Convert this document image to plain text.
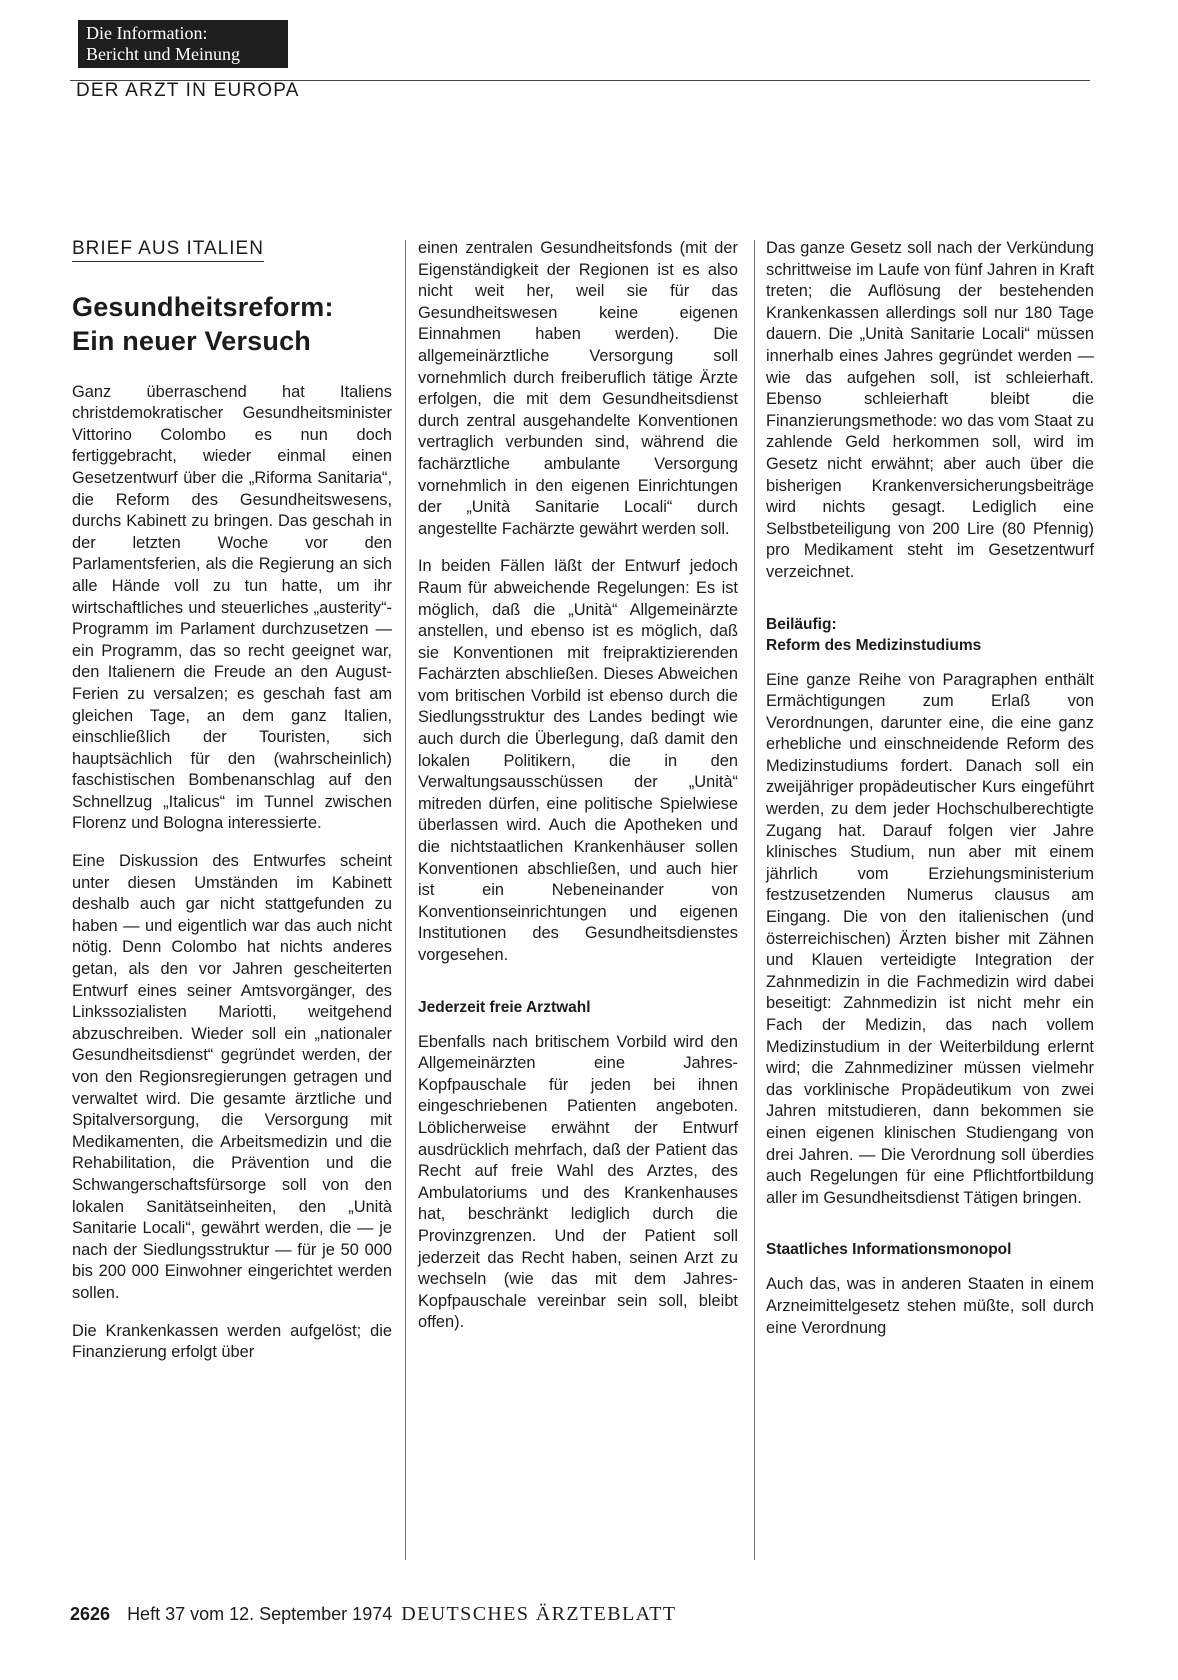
Die Information:
Bericht und Meinung
DER ARZT IN EUROPA
BRIEF AUS ITALIEN
Gesundheitsreform:
Ein neuer Versuch

Ganz überraschend hat Italiens christdemokratischer Gesundheitsminister Vittorino Colombo es nun doch fertiggebracht, wieder einmal einen Gesetzentwurf über die „Riforma Sanitaria“, die Reform des Gesundheitswesens, durchs Kabinett zu bringen. Das geschah in der letzten Woche vor den Parlamentsferien, als die Regierung an sich alle Hände voll zu tun hatte, um ihr wirtschaftliches und steuerliches „austerity“-Programm im Parlament durchzusetzen — ein Programm, das so recht geeignet war, den Italienern die Freude an den August-Ferien zu versalzen; es geschah fast am gleichen Tage, an dem ganz Italien, einschließlich der Touristen, sich hauptsächlich für den (wahrscheinlich) faschistischen Bombenanschlag auf den Schnellzug „Italicus“ im Tunnel zwischen Florenz und Bologna interessierte.

Eine Diskussion des Entwurfes scheint unter diesen Umständen im Kabinett deshalb auch gar nicht stattgefunden zu haben — und eigentlich war das auch nicht nötig. Denn Colombo hat nichts anderes getan, als den vor Jahren gescheiterten Entwurf eines seiner Amtsvorgänger, des Linkssozialisten Mariotti, weitgehend abzuschreiben. Wieder soll ein „nationaler Gesundheitsdienst“ gegründet werden, der von den Regionsregierungen getragen und verwaltet wird. Die gesamte ärztliche und Spitalversorgung, die Versorgung mit Medikamenten, die Arbeitsmedizin und die Rehabilitation, die Prävention und die Schwangerschaftsfürsorge soll von den lokalen Sanitätseinheiten, den „Unità Sanitarie Locali“, gewährt werden, die — je nach der Siedlungsstruktur — für je 50 000 bis 200 000 Einwohner eingerichtet werden sollen.

Die Krankenkassen werden aufgelöst; die Finanzierung erfolgt über

einen zentralen Gesundheitsfonds (mit der Eigenständigkeit der Regionen ist es also nicht weit her, weil sie für das Gesundheitswesen keine eigenen Einnahmen haben werden). Die allgemeinärztliche Versorgung soll vornehmlich durch freiberuflich tätige Ärzte erfolgen, die mit dem Gesundheitsdienst durch zentral ausgehandelte Konventionen vertraglich verbunden sind, während die fachärztliche ambulante Versorgung vornehmlich in den eigenen Einrichtungen der „Unità Sanitarie Locali“ durch angestellte Fachärzte gewährt werden soll.

In beiden Fällen läßt der Entwurf jedoch Raum für abweichende Regelungen: Es ist möglich, daß die „Unità“ Allgemeinärzte anstellen, und ebenso ist es möglich, daß sie Konventionen mit freipraktizierenden Fachärzten abschließen. Dieses Abweichen vom britischen Vorbild ist ebenso durch die Siedlungsstruktur des Landes bedingt wie auch durch die Überlegung, daß damit den lokalen Politikern, die in den Verwaltungsausschüssen der „Unità“ mitreden dürfen, eine politische Spielwiese überlassen wird. Auch die Apotheken und die nichtstaatlichen Krankenhäuser sollen Konventionen abschließen, und auch hier ist ein Nebeneinander von Konventionseinrichtungen und eigenen Institutionen des Gesundheitsdienstes vorgesehen.

Jederzeit freie Arztwahl

Ebenfalls nach britischem Vorbild wird den Allgemeinärzten eine Jahres-Kopfpauschale für jeden bei ihnen eingeschriebenen Patienten angeboten. Löblicherweise erwähnt der Entwurf ausdrücklich mehrfach, daß der Patient das Recht auf freie Wahl des Arztes, des Ambulatoriums und des Krankenhauses hat, beschränkt lediglich durch die Provinzgrenzen. Und der Patient soll jederzeit das Recht haben, seinen Arzt zu wechseln (wie das mit dem Jahres-Kopfpauschale vereinbar sein soll, bleibt offen).

Das ganze Gesetz soll nach der Verkündung schrittweise im Laufe von fünf Jahren in Kraft treten; die Auflösung der bestehenden Krankenkassen allerdings soll nur 180 Tage dauern. Die „Unità Sanitarie Locali“ müssen innerhalb eines Jahres gegründet werden — wie das aufgehen soll, ist schleierhaft. Ebenso schleierhaft bleibt die Finanzierungsmethode: wo das vom Staat zu zahlende Geld herkommen soll, wird im Gesetz nicht erwähnt; aber auch über die bisherigen Krankenversicherungsbeiträge wird nichts gesagt. Lediglich eine Selbstbeteiligung von 200 Lire (80 Pfennig) pro Medikament steht im Gesetzentwurf verzeichnet.

Beiläufig:
Reform des Medizinstudiums

Eine ganze Reihe von Paragraphen enthält Ermächtigungen zum Erlaß von Verordnungen, darunter eine, die eine ganz erhebliche und einschneidende Reform des Medizinstudiums fordert. Danach soll ein zweijähriger propädeutischer Kurs eingeführt werden, zu dem jeder Hochschulberechtigte Zugang hat. Darauf folgen vier Jahre klinisches Studium, nun aber mit einem jährlich vom Erziehungsministerium festzusetzenden Numerus clausus am Eingang. Die von den italienischen (und österreichischen) Ärzten bisher mit Zähnen und Klauen verteidigte Integration der Zahnmedizin in die Fachmedizin wird dabei beseitigt: Zahnmedizin ist nicht mehr ein Fach der Medizin, das nach vollem Medizinstudium in der Weiterbildung erlernt wird; die Zahnmediziner müssen vielmehr das vorklinische Propädeutikum von zwei Jahren mitstudieren, dann bekommen sie einen eigenen klinischen Studiengang von drei Jahren. — Die Verordnung soll überdies auch Regelungen für eine Pflichtfortbildung aller im Gesundheitsdienst Tätigen bringen.

Staatliches Informationsmonopol

Auch das, was in anderen Staaten in einem Arzneimittelgesetz stehen müßte, soll durch eine Verordnung

2626 Heft 37 vom 12. September 1974 DEUTSCHES ÄRZTEBLATT
